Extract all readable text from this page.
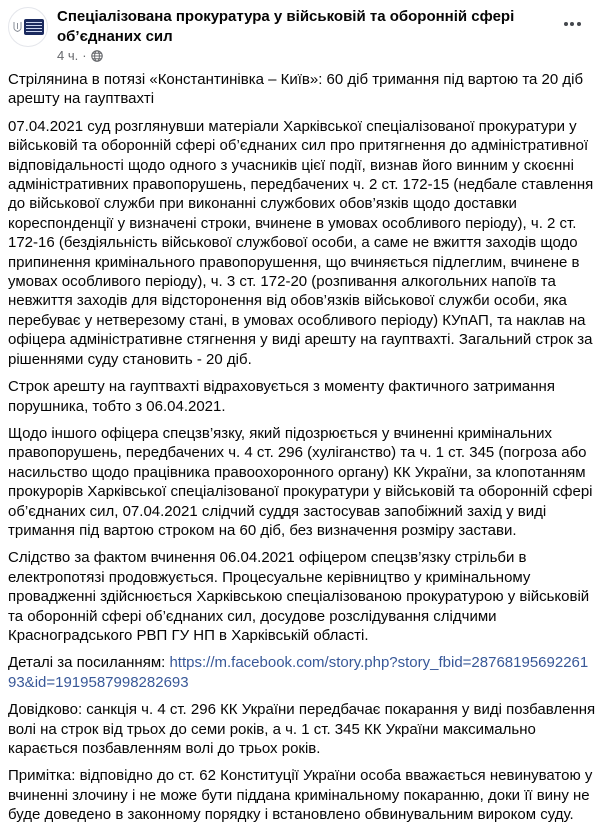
Спеціалізована прокуратура у військовій та оборонній сфері об’єднаних сил
4 ч. ·

Стрілянина в потязі «Константинівка – Київ»: 60 діб тримання під вартою та 20 діб арешту на гауптвахті

07.04.2021 суд розглянувши матеріали Харківської спеціалізованої прокуратури у військовій та оборонній сфері об’єднаних сил про притягнення до адміністративної відповідальності щодо одного з учасників цієї події, визнав його винним у скоєнні адміністративних правопорушень, передбачених ч. 2 ст. 172-15 (недбале ставлення до військової служби при виконанні службових обов’язків щодо доставки кореспонденції у визначені строки, вчинене в умовах особливого періоду), ч. 2 ст. 172-16 (бездіяльність військової службової особи, а саме не вжиття заходів щодо припинення кримінального правопорушення, що вчиняється підлеглим, вчинене в умовах особливого періоду), ч. 3 ст. 172-20 (розпивання алкогольних напоїв та невжиття заходів для відсторонення від обов’язків військової служби особи, яка перебуває у нетверезому стані, в умовах особливого періоду) КУпАП, та наклав на офіцера адміністративне стягнення у виді арешту на гауптвахті. Загальний строк за рішеннями суду становить - 20 діб.

Строк арешту на гауптвахті відраховується з моменту фактичного затримання порушника, тобто з 06.04.2021.

Щодо іншого офіцера спецзв’язку, який підозрюється у вчиненні кримінальних правопорушень, передбачених ч. 4 ст. 296 (хуліганство) та ч. 1 ст. 345 (погроза або насильство щодо працівника правоохоронного органу) КК України, за клопотанням прокурорів Харківської спеціалізованої прокуратури у військовій та оборонній сфері об’єднаних сил, 07.04.2021 слідчий суддя застосував запобіжний захід у виді тримання під вартою строком на 60 діб, без визначення розміру застави.

Слідство за фактом вчинення 06.04.2021 офіцером спецзв’язку стрільби в електропотязі продовжується. Процесуальне керівництво у кримінальному провадженні здійснюється Харківською спеціалізованою прокуратурою у військовій та оборонній сфері об’єднаних сил, досудове розслідування слідчими Красноградського РВП ГУ НП в Харківській області.

Деталі за посиланням: https://m.facebook.com/story.php?story_fbid=2876819569226193&id=1919587998282693

Довідково: санкція ч. 4 ст. 296 КК України передбачає покарання у виді позбавлення волі на строк від трьох до семи років, а ч. 1 ст. 345 КК України максимально карається позбавленням волі до трьох років.

Примітка: відповідно до ст. 62 Конституції України особа вважається невинуватою у вчиненні злочину і не може бути піддана кримінальному покаранню, доки її вину не буде доведено в законному порядку і встановлено обвинувальним вироком суду.
